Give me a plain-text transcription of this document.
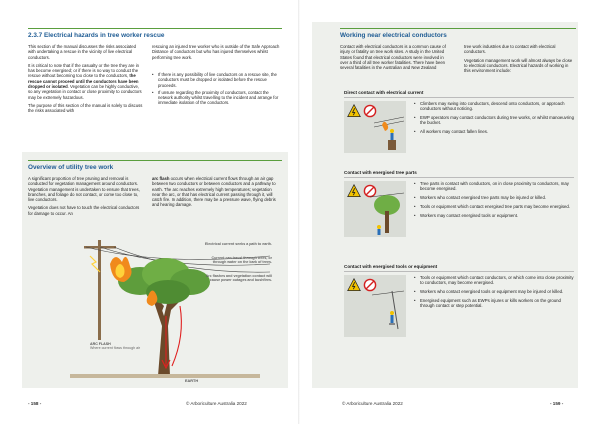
2.3.7 Electrical hazards in tree worker rescue

This section of the manual discusses the risks associated with undertaking a rescue in the vicinity of live electrical conductors.

It is critical to note that if the casualty or the tree they are in has become energised; or if there is no way to conduct the rescue without becoming too close to the conductors, the rescue cannot proceed until the conductors have been dropped or isolated. Vegetation can be highly conductive, so any vegetation in contact or close proximity to conductors may be extremely hazardous.

The purpose of this section of the manual is solely to discuss the risks associated with

rescuing an injured tree worker who is outside of the Safe Approach Distance of conductors but who has injured themselves whilst performing tree work.

• If there is any possibility of live conductors on a rescue site, the conductors must be dropped or isolated before the rescue proceeds.
• If unsure regarding the proximity of conductors, contact the network authority whilst travelling to the incident and arrange for immediate isolation of the conductors.
Overview of utility tree work

A significant proportion of tree pruning and removal is conducted for vegetation management around conductors. Vegetation management is undertaken to ensure that trees, branches, and foliage do not contact, or come too close to, live conductors.

Vegetation does not have to touch the electrical conductors for damage to occur. An

arc flash occurs when electrical current flows through an air gap between two conductors or between conductors and a pathway to earth. The arc reaches extremely high temperatures; vegetation near the arc, or that has electrical current passing through it, will catch fire. In addition, there may be a pressure wave, flying debris and hearing damage.

Electrical current seeks a path to earth.
Current can travel through trees, or through water on the bark of trees.
Arc flashes and vegetation contact will cause power outages and bushfires.
ARC FLASH
Where current flows through air
EARTH
- 158 -	© Arboriculture Australia 2022
Working near electrical conductors

Contact with electrical conductors is a common cause of injury or fatality on tree work sites. A study in the United States found that electrical conductors were involved in over a third of all tree worker fatalities. There have been several fatalities in the Australian and New Zealand

tree work industries due to contact with electrical conductors.

Vegetation management work will almost always be close to electrical conductors. Electrical hazards of working in this environment include:

Direct contact with electrical current
• Climbers may swing into conductors, descend onto conductors, or approach conductors without noticing.
• EWP operators may contact conductors during tree works, or whilst manoeuvring the bucket.
• All workers may contact fallen lines.
Contact with energised tree parts
• Tree parts in contact with conductors, on in close proximity to conductors, may become energised.
• Workers who contact energised tree parts may be injured or killed.
• Tools or equipment which contact energised tree parts may become energised.
• Workers may contact energised tools or equipment.
Contact with energised tools or equipment
• Tools or equipment which contact conductors, or which come into close proximity to conductors, may become energised.
• Workers who contact energised tools or equipment may be injured or killed.
• Energised equipment such as EWPs injures or kills workers on the ground through contact or step potential.
© Arboriculture Australia 2022	- 159 -
